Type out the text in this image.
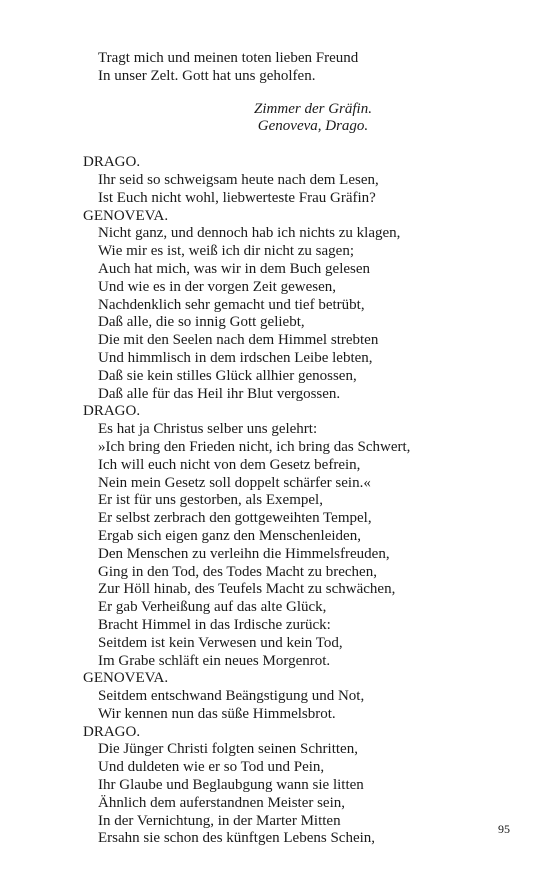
Tragt mich und meinen toten lieben Freund
In unser Zelt. Gott hat uns geholfen.
Zimmer der Gräfin.
Genoveva, Drago.
DRAGO.
Ihr seid so schweigsam heute nach dem Lesen,
Ist Euch nicht wohl, liebwerteste Frau Gräfin?
GENOVEVA.
Nicht ganz, und dennoch hab ich nichts zu klagen,
Wie mir es ist, weiß ich dir nicht zu sagen;
Auch hat mich, was wir in dem Buch gelesen
Und wie es in der vorgen Zeit gewesen,
Nachdenklich sehr gemacht und tief betrübt,
Daß alle, die so innig Gott geliebt,
Die mit den Seelen nach dem Himmel strebten
Und himmlisch in dem irdschen Leibe lebten,
Daß sie kein stilles Glück allhier genossen,
Daß alle für das Heil ihr Blut vergossen.
DRAGO.
Es hat ja Christus selber uns gelehrt:
»Ich bring den Frieden nicht, ich bring das Schwert,
Ich will euch nicht von dem Gesetz befrein,
Nein mein Gesetz soll doppelt schärfer sein.«
Er ist für uns gestorben, als Exempel,
Er selbst zerbrach den gottgeweihten Tempel,
Ergab sich eigen ganz den Menschenleiden,
Den Menschen zu verleihn die Himmelsfreuden,
Ging in den Tod, des Todes Macht zu brechen,
Zur Höll hinab, des Teufels Macht zu schwächen,
Er gab Verheißung auf das alte Glück,
Bracht Himmel in das Irdische zurück:
Seitdem ist kein Verwesen und kein Tod,
Im Grabe schläft ein neues Morgenrot.
GENOVEVA.
Seitdem entschwand Beängstigung und Not,
Wir kennen nun das süße Himmelsbrot.
DRAGO.
Die Jünger Christi folgten seinen Schritten,
Und duldeten wie er so Tod und Pein,
Ihr Glaube und Beglaubgung wann sie litten
Ähnlich dem auferstandnen Meister sein,
In der Vernichtung, in der Marter Mitten
Ersahn sie schon des künftgen Lebens Schein,
95
